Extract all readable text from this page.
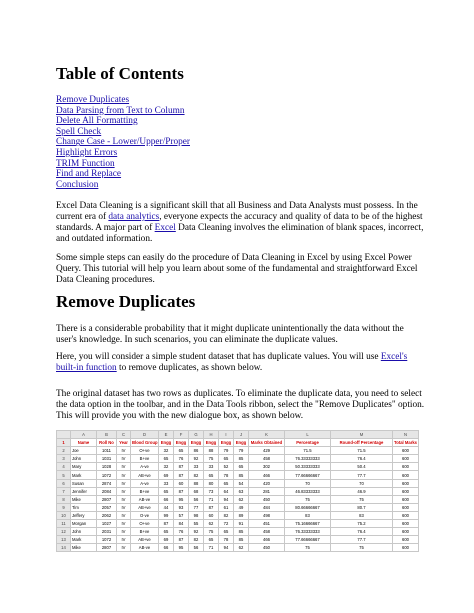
Table of Contents
Remove Duplicates
Data Parsing from Text to Column
Delete All Formatting
Spell Check
Change Case - Lower/Upper/Proper
Highlight Errors
TRIM Function
Find and Replace
Conclusion

Excel Data Cleaning is a significant skill that all Business and Data Analysts must possess. In the current era of data analytics, everyone expects the accuracy and quality of data to be of the highest standards. A major part of Excel Data Cleaning involves the elimination of blank spaces, incorrect, and outdated information.

Some simple steps can easily do the procedure of Data Cleaning in Excel by using Excel Power Query. This tutorial will help you learn about some of the fundamental and straightforward Excel Data Cleaning procedures.

Remove Duplicates

There is a considerable probability that it might duplicate unintentionally the data without the user's knowledge. In such scenarios, you can eliminate the duplicate values.

Here, you will consider a simple student dataset that has duplicate values. You will use Excel's built-in function to remove duplicates, as shown below.

The original dataset has two rows as duplicates. To eliminate the duplicate data, you need to select the data option in the toolbar, and in the Data Tools ribbon, select the "Remove Duplicates" option. This will provide you with the new dialogue box, as shown below.

	A	B	C	D	E	F	G	H	I	J	K	L	M	N
1	Name	Roll No	Year	Blood Group	Engg	Engg	Engg	Engg	Engg	Engg	Marks Obtained	Percentage	Round-off Percentage	Total Marks
2	Joe	1011	IV	O+ve	32	65	86	88	79	79	429	71.5	71.5	600
3	John	1031	IV	B+ve	65	76	92	75	65	85	458	76.33333333	76.4	600
4	Mary	1028	IV	A-ve	32	87	33	33	52	65	302	50.33333333	50.4	600
5	Mark	1072	IV	AB+ve	69	87	82	65	78	85	466	77.66666667	77.7	600
6	Susan	2874	IV	A-ve	33	60	88	80	65	54	420	70	70	600
7	Jennifer	2084	IV	B+ve	65	87	68	73	64	63	281	46.83333333	46.9	600
8	Mike	2807	IV	AB-ve	66	95	56	71	94	62	450	75	75	600
9	Tim	2057	IV	AB+ve	44	93	77	87	61	49	484	80.66666667	80.7	600
10	Jeffery	2062	IV	O-ve	99	57	98	60	82	89	498	83	83	600
11	Morgan	1027	IV	O+ve	87	84	55	62	72	91	451	75.16666667	75.2	600
12	John	2031	IV	B+ve	65	76	92	75	65	85	458	76.33333333	76.4	600
13	Mark	1072	IV	AB+ve	69	87	82	65	78	85	466	77.66666667	77.7	600
14	Mike	2807	IV	AB-ve	66	95	56	71	94	62	450	75	75	600
